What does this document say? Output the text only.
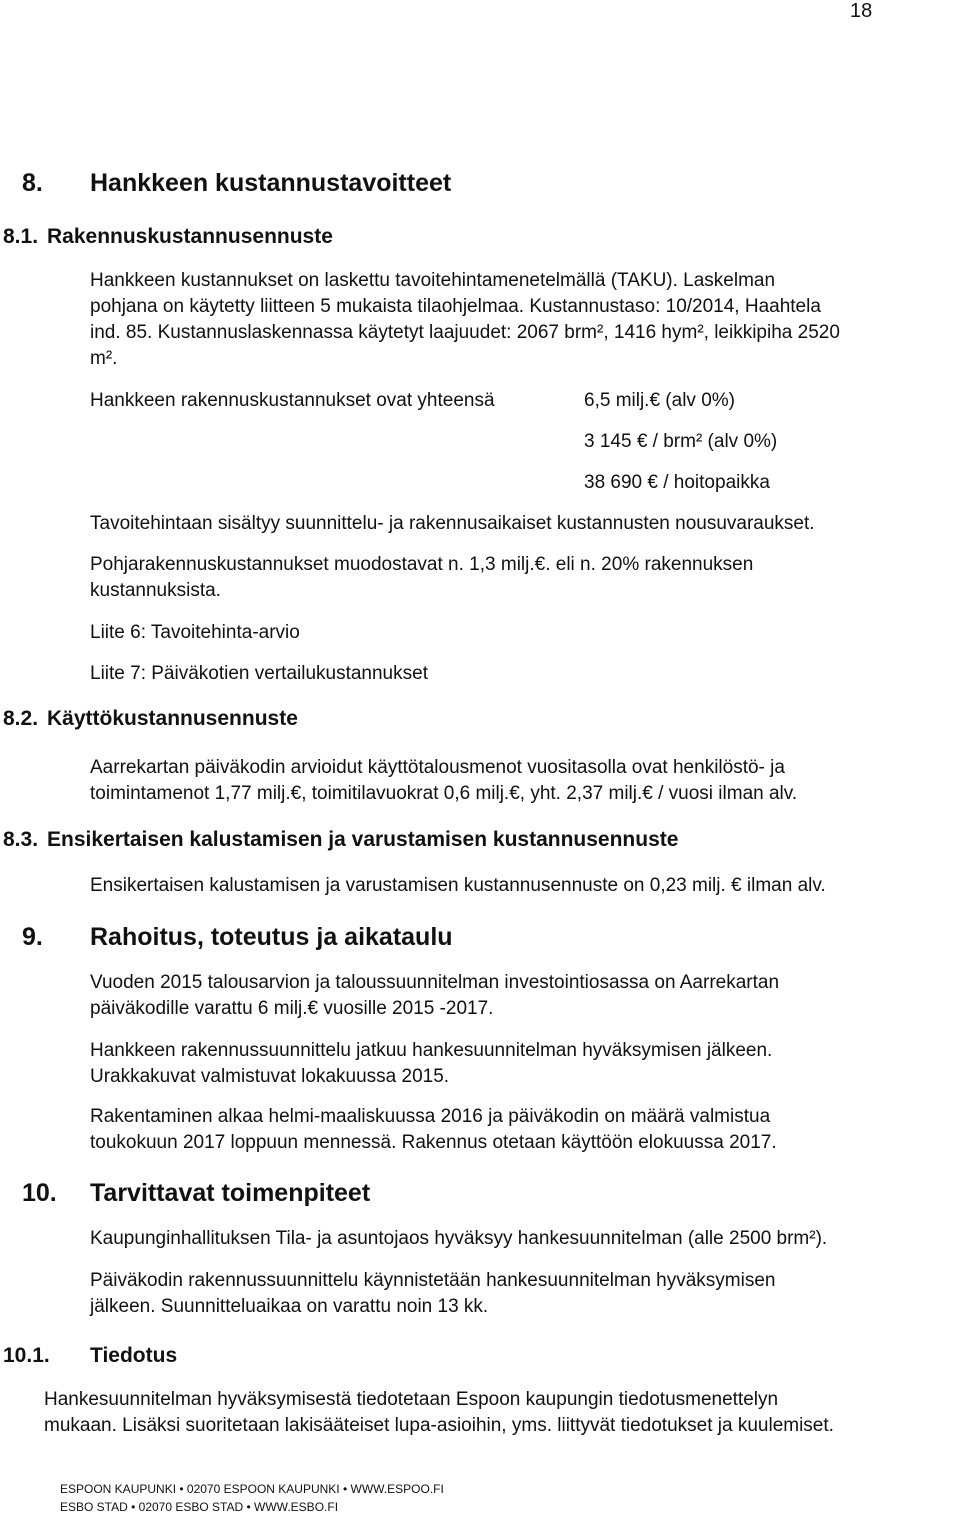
18
8. Hankkeen kustannustavoitteet
8.1. Rakennuskustannusennuste
Hankkeen kustannukset on laskettu tavoitehintamenetelmällä (TAKU). Laskelman
pohjana on käytetty liitteen 5 mukaista tilaohjelmaa. Kustannustaso: 10/2014, Haahtela
ind. 85. Kustannuslaskennassa käytetyt laajuudet: 2067 brm², 1416 hym², leikkipiha 2520
m².
Hankkeen rakennuskustannukset ovat yhteensä	6,5 milj.€ (alv 0%)
3 145 € / brm² (alv 0%)
38 690 € / hoitopaikka
Tavoitehintaan sisältyy suunnittelu- ja rakennusaikaiset kustannusten nousuvaraukset.
Pohjarakennuskustannukset muodostavat n. 1,3 milj.€. eli n. 20% rakennuksen
kustannuksista.
Liite 6: Tavoitehinta-arvio
Liite 7: Päiväkotien vertailukustannukset
8.2. Käyttökustannusennuste
Aarrekartan päiväkodin arvioidut käyttötalousmenot vuositasolla ovat henkilöstö- ja
toimintamenot 1,77 milj.€, toimitilavuokrat 0,6 milj.€, yht. 2,37 milj.€ / vuosi ilman alv.
8.3. Ensikertaisen kalustamisen ja varustamisen kustannusennuste
Ensikertaisen kalustamisen ja varustamisen kustannusennuste on 0,23 milj. € ilman alv.
9. Rahoitus, toteutus ja aikataulu
Vuoden 2015 talousarvion ja taloussuunnitelman investointiosassa on Aarrekartan
päiväkodille varattu 6 milj.€ vuosille 2015 -2017.
Hankkeen rakennussuunnittelu jatkuu hankesuunnitelman hyväksymisen jälkeen.
Urakkakuvat valmistuvat lokakuussa 2015.
Rakentaminen alkaa helmi-maaliskuussa 2016 ja päiväkodin on määrä valmistua
toukokuun 2017 loppuun mennessä. Rakennus otetaan käyttöön elokuussa 2017.
10. Tarvittavat toimenpiteet
Kaupunginhallituksen Tila- ja asuntojaos hyväksyy hankesuunnitelman (alle 2500 brm²).
Päiväkodin rakennussuunnittelu käynnistetään hankesuunnitelman hyväksymisen
jälkeen. Suunnitteluaikaa on varattu noin 13 kk.
10.1. Tiedotus
Hankesuunnitelman hyväksymisestä tiedotetaan Espoon kaupungin tiedotusmenettelyn
mukaan. Lisäksi suoritetaan lakisääteiset lupa-asioihin, yms. liittyvät tiedotukset ja kuulemiset.
ESPOON KAUPUNKI • 02070 ESPOON KAUPUNKI • WWW.ESPOO.FI
ESBO STAD • 02070 ESBO STAD • WWW.ESBO.FI
